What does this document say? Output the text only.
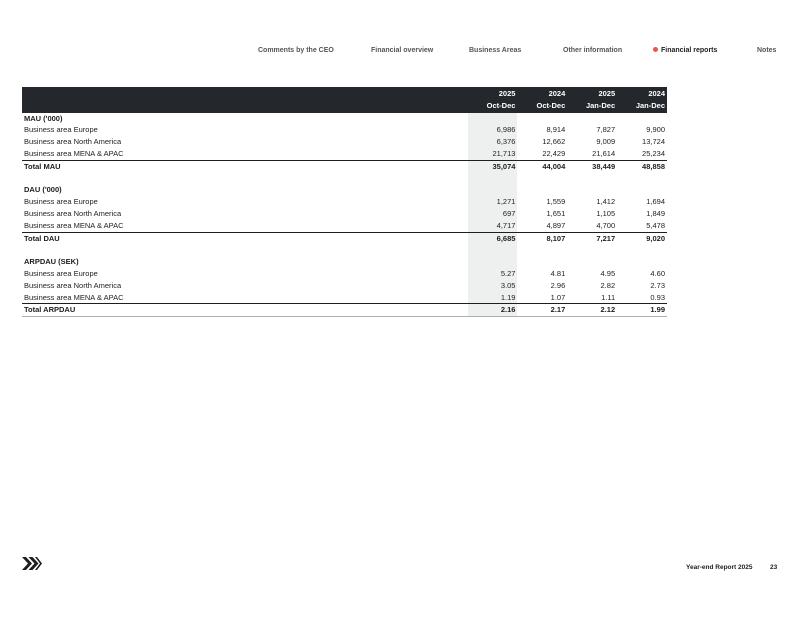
Comments by the CEO	Financial overview	Business Areas	Other information	Financial reports	Notes
	2025	2024	2025	2024
	Oct-Dec	Oct-Dec	Jan-Dec	Jan-Dec
MAU ('000)				
Business area Europe	6,986	8,914	7,827	9,900
Business area North America	6,376	12,662	9,009	13,724
Business area MENA & APAC	21,713	22,429	21,614	25,234
Total MAU	35,074	44,004	38,449	48,858

DAU ('000)				
Business area Europe	1,271	1,559	1,412	1,694
Business area North America	697	1,651	1,105	1,849
Business area MENA & APAC	4,717	4,897	4,700	5,478
Total DAU	6,685	8,107	7,217	9,020

ARPDAU (SEK)				
Business area Europe	5.27	4.81	4.95	4.60
Business area North America	3.05	2.96	2.82	2.73
Business area MENA & APAC	1.19	1.07	1.11	0.93
Total ARPDAU	2.16	2.17	2.12	1.99
Year-end Report 2025	23
